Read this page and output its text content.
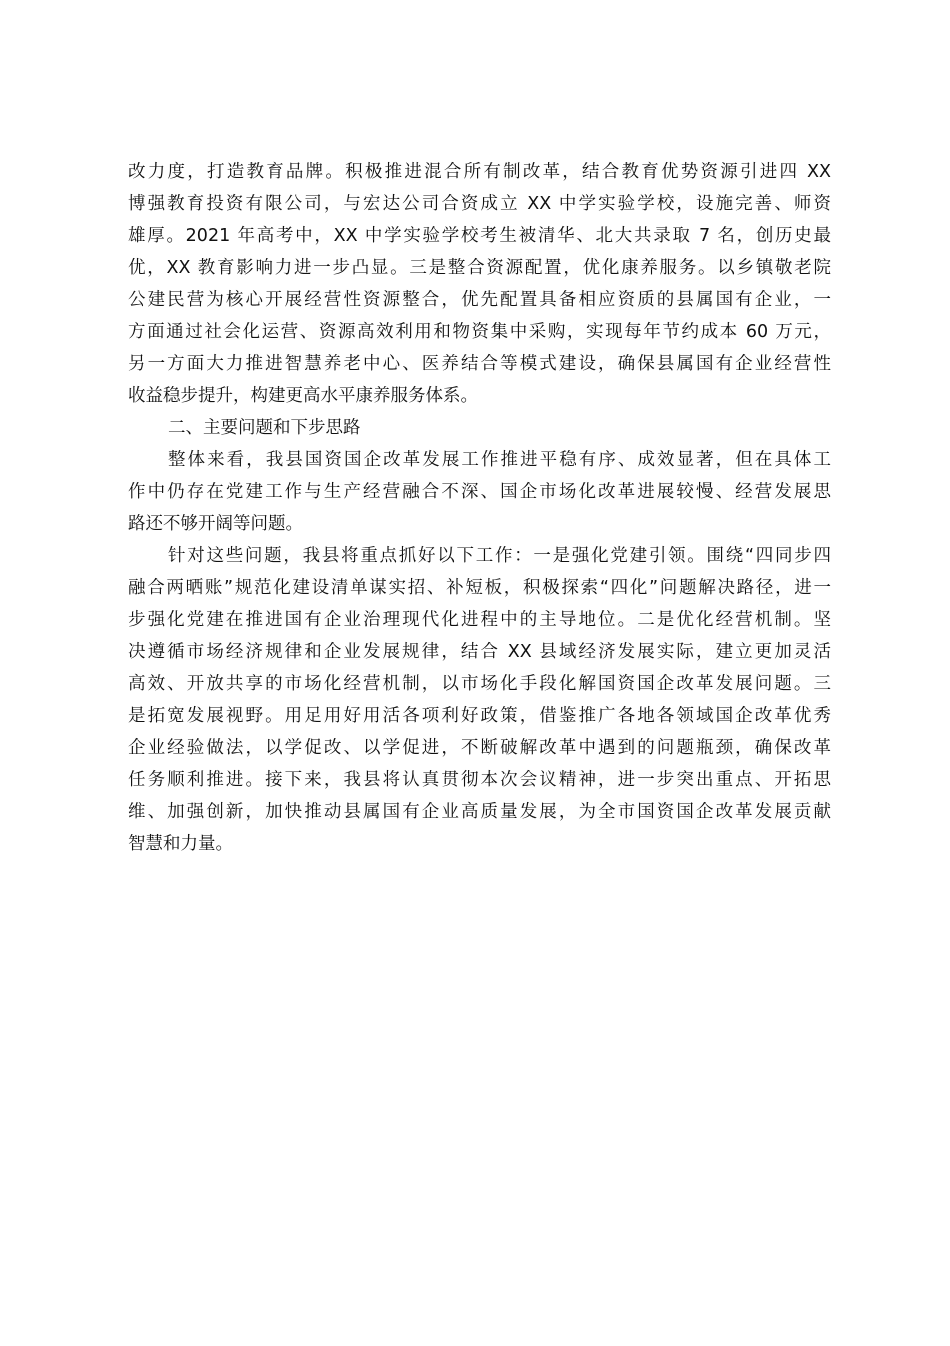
改力度，打造教育品牌。积极推进混合所有制改革，结合教育优势资源引进四 XX
博强教育投资有限公司，与宏达公司合资成立 XX 中学实验学校，设施完善、师资
雄厚。2021 年高考中，XX 中学实验学校考生被清华、北大共录取 7 名，创历史最
优，XX 教育影响力进一步凸显。三是整合资源配置，优化康养服务。以乡镇敬老院
公建民营为核心开展经营性资源整合，优先配置具备相应资质的县属国有企业，一
方面通过社会化运营、资源高效利用和物资集中采购，实现每年节约成本 60 万元，
另一方面大力推进智慧养老中心、医养结合等模式建设，确保县属国有企业经营性
收益稳步提升，构建更高水平康养服务体系。
二、主要问题和下步思路
整体来看，我县国资国企改革发展工作推进平稳有序、成效显著，但在具体工
作中仍存在党建工作与生产经营融合不深、国企市场化改革进展较慢、经营发展思
路还不够开阔等问题。
针对这些问题，我县将重点抓好以下工作：一是强化党建引领。围绕“四同步四
融合两晒账”规范化建设清单谋实招、补短板，积极探索“四化”问题解决路径，进一
步强化党建在推进国有企业治理现代化进程中的主导地位。二是优化经营机制。坚
决遵循市场经济规律和企业发展规律，结合 XX 县域经济发展实际，建立更加灵活
高效、开放共享的市场化经营机制，以市场化手段化解国资国企改革发展问题。三
是拓宽发展视野。用足用好用活各项利好政策，借鉴推广各地各领域国企改革优秀
企业经验做法，以学促改、以学促进，不断破解改革中遇到的问题瓶颈，确保改革
任务顺利推进。接下来，我县将认真贯彻本次会议精神，进一步突出重点、开拓思
维、加强创新，加快推动县属国有企业高质量发展，为全市国资国企改革发展贡献
智慧和力量。
